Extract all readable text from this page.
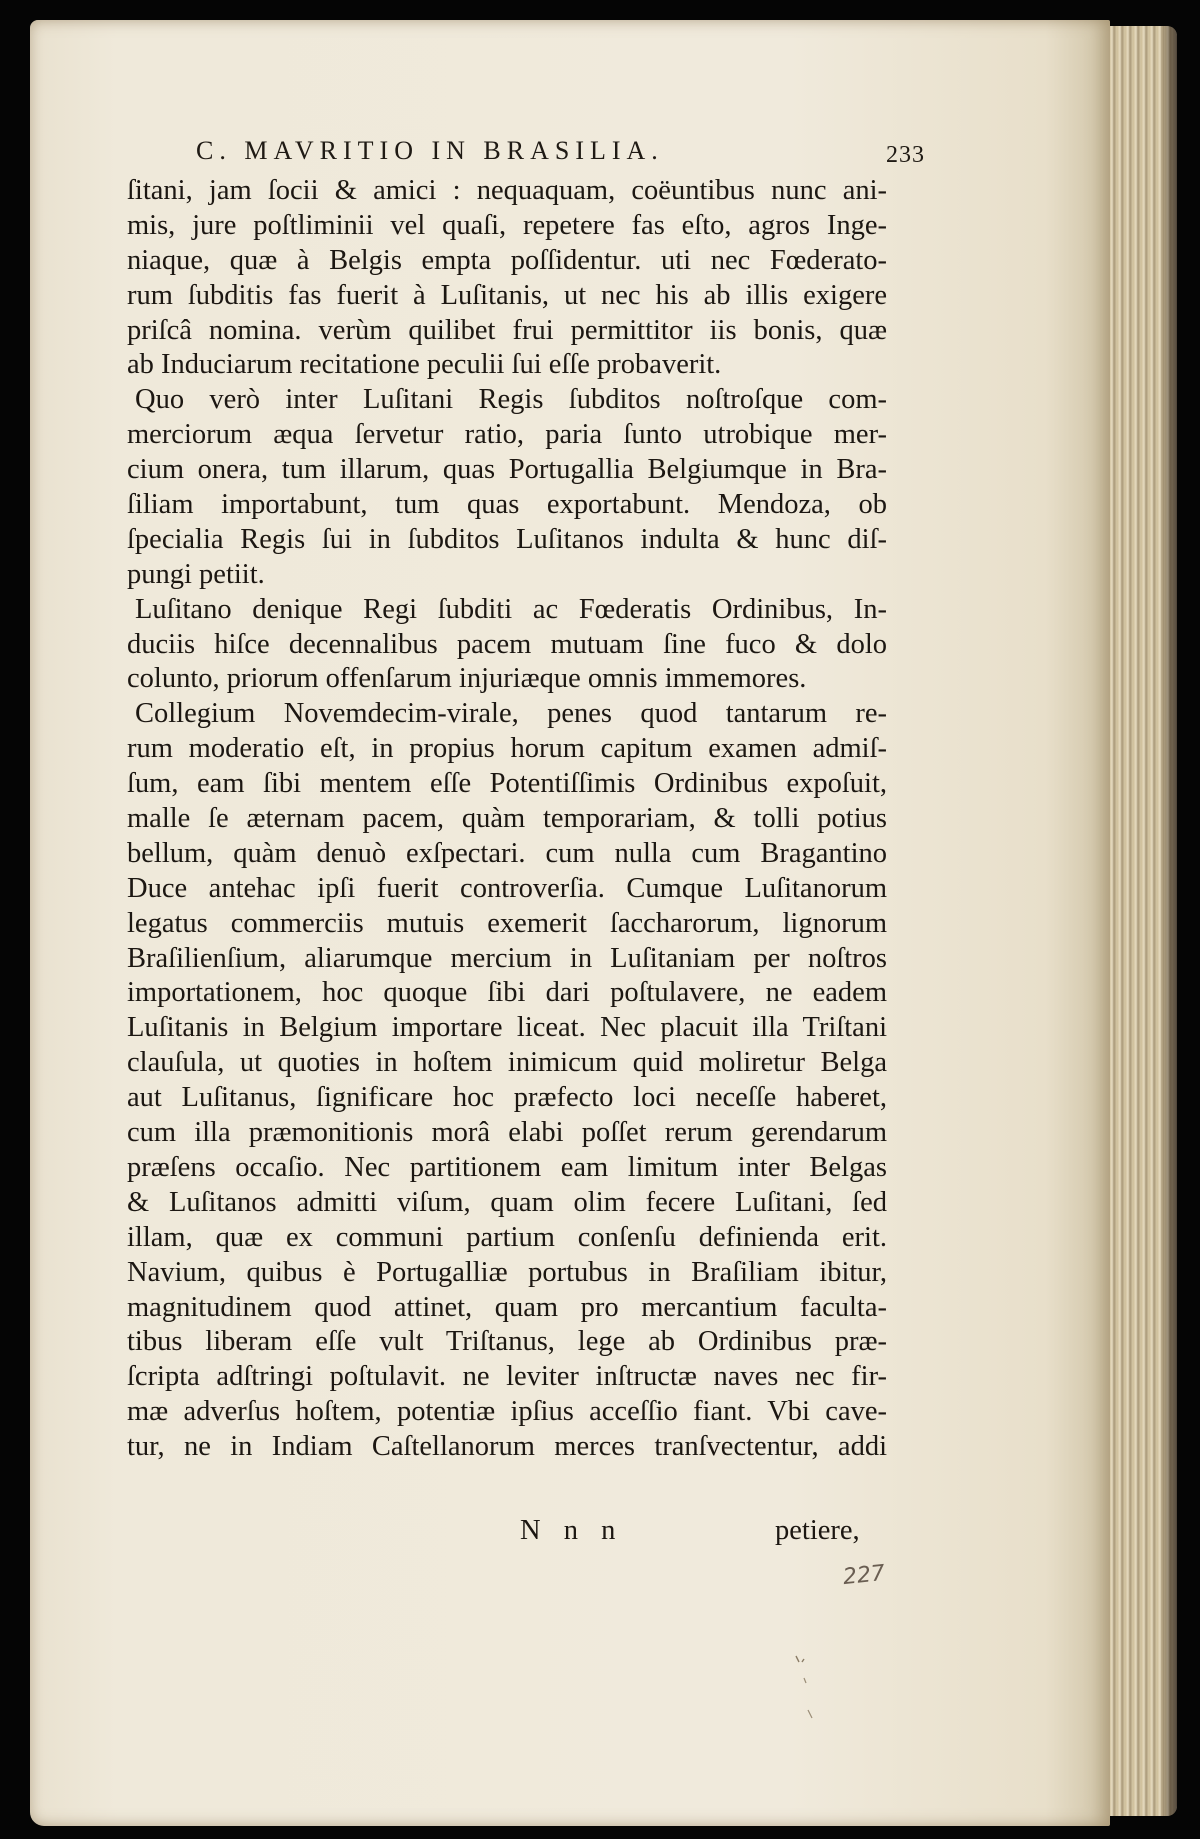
C. MAVRITIO IN BRASILIA.	233
ſitani, jam ſocii & amici : nequaquam, coëuntibus nunc ani-
mis, jure poſtliminii vel quaſi, repetere fas eſto, agros Inge-
niaque, quæ à Belgis empta poſſidentur. uti nec Fœderato-
rum ſubditis fas fuerit à Luſitanis, ut nec his ab illis exigere
priſcâ nomina. verùm quilibet frui permittitor iis bonis, quæ
ab Induciarum recitatione peculii ſui eſſe probaverit.
Quo verò inter Luſitani Regis ſubditos noſtroſque com-
merciorum æqua ſervetur ratio, paria ſunto utrobique mer-
cium onera, tum illarum, quas Portugallia Belgiumque in Bra-
ſiliam importabunt, tum quas exportabunt. Mendoza, ob
ſpecialia Regis ſui in ſubditos Luſitanos indulta & hunc diſ-
pungi petiit.
Luſitano denique Regi ſubditi ac Fœderatis Ordinibus, In-
duciis hiſce decennalibus pacem mutuam ſine fuco & dolo
colunto, priorum offenſarum injuriæque omnis immemores.
Collegium Novemdecim-virale, penes quod tantarum re-
rum moderatio eſt, in propius horum capitum examen admiſ-
ſum, eam ſibi mentem eſſe Potentiſſimis Ordinibus expoſuit,
malle ſe æternam pacem, quàm temporariam, & tolli potius
bellum, quàm denuò exſpectari. cum nulla cum Bragantino
Duce antehac ipſi fuerit controverſia. Cumque Luſitanorum
legatus commerciis mutuis exemerit ſaccharorum, lignorum
Braſilienſium, aliarumque mercium in Luſitaniam per noſtros
importationem, hoc quoque ſibi dari poſtulavere, ne eadem
Luſitanis in Belgium importare liceat. Nec placuit illa Triſtani
clauſula, ut quoties in hoſtem inimicum quid moliretur Belga
aut Luſitanus, ſignificare hoc præfecto loci neceſſe haberet,
cum illa præmonitionis morâ elabi poſſet rerum gerendarum
præſens occaſio. Nec partitionem eam limitum inter Belgas
& Luſitanos admitti viſum, quam olim fecere Luſitani, ſed
illam, quæ ex communi partium conſenſu definienda erit.
Navium, quibus è Portugalliæ portubus in Braſiliam ibitur,
magnitudinem quod attinet, quam pro mercantium faculta-
tibus liberam eſſe vult Triſtanus, lege ab Ordinibus præ-
ſcripta adſtringi poſtulavit. ne leviter inſtructæ naves nec fir-
mæ adverſus hoſtem, potentiæ ipſius acceſſio fiant. Vbi cave-
tur, ne in Indiam Caſtellanorum merces tranſvectentur, addi
N n n	petiere,
227
